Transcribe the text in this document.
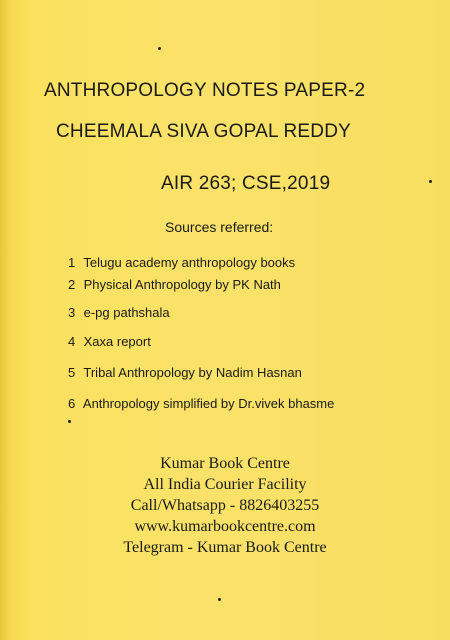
ANTHROPOLOGY NOTES PAPER-2
CHEEMALA SIVA GOPAL REDDY
AIR 263; CSE,2019
Sources referred:
1 Telugu academy anthropology books
2 Physical Anthropology by PK Nath
3 e-pg pathshala
4 Xaxa report
5 Tribal Anthropology by Nadim Hasnan
6 Anthropology simplified by Dr.vivek bhasme
Kumar Book Centre
All India Courier Facility
Call/Whatsapp - 8826403255
www.kumarbookcentre.com
Telegram - Kumar Book Centre
